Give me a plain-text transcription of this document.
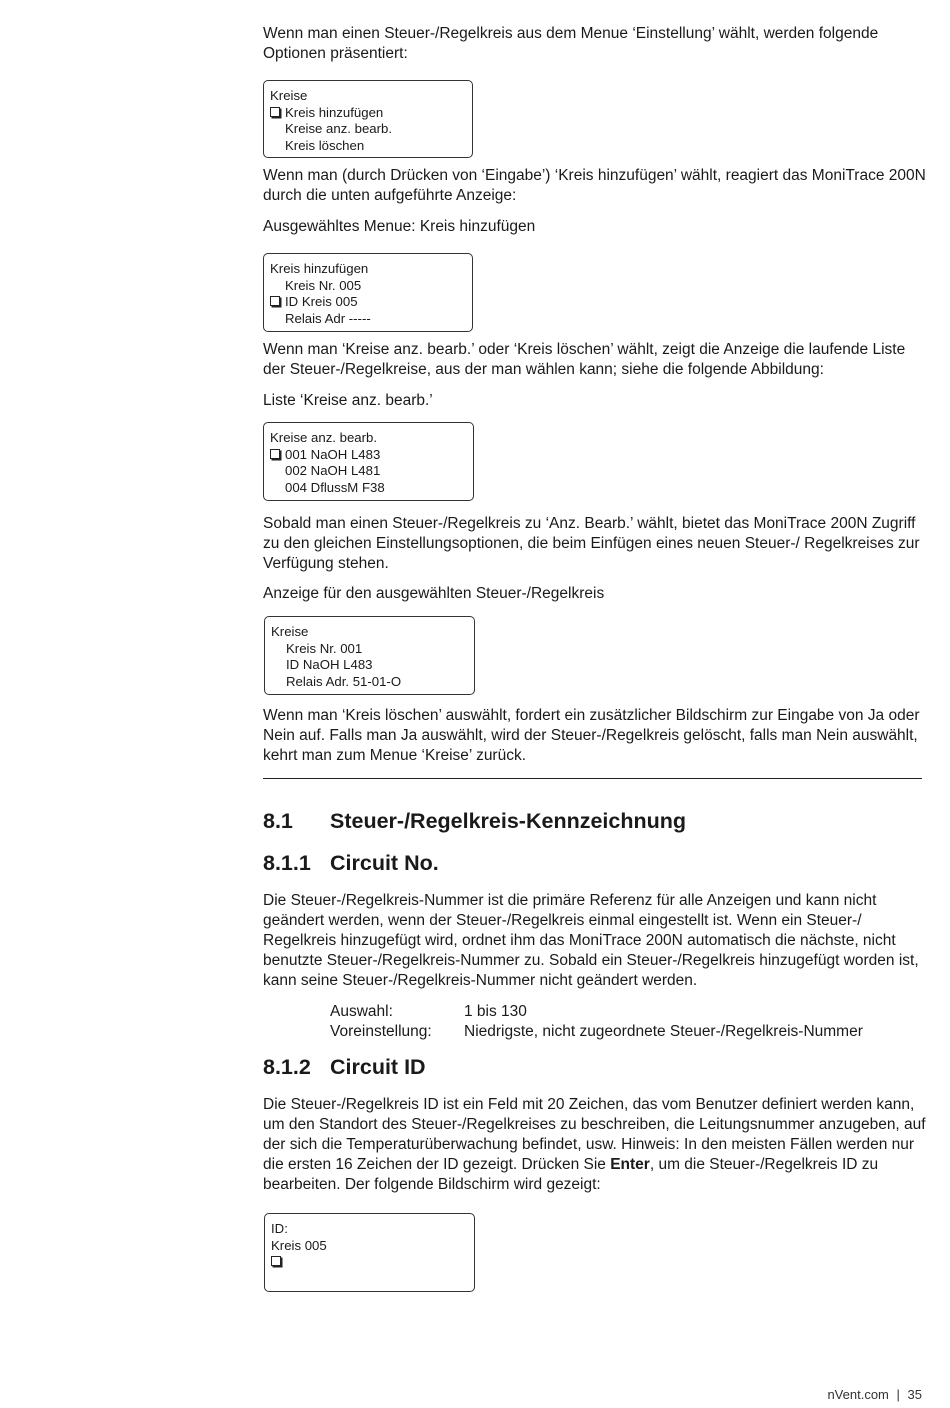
Wenn man einen Steuer-/Regelkreis aus dem Menue ‘Einstellung’ wählt, werden folgende Optionen präsentiert:

Kreise
Kreis hinzufügen
Kreise anz. bearb.
Kreis löschen

Wenn man (durch Drücken von ‘Eingabe’) ‘Kreis hinzufügen’ wählt, reagiert das MoniTrace 200N durch die unten aufgeführte Anzeige:

Ausgewähltes Menue: Kreis hinzufügen

Kreis hinzufügen
Kreis Nr. 005
ID Kreis 005
Relais Adr -----

Wenn man ‘Kreise anz. bearb.’ oder ‘Kreis löschen’ wählt, zeigt die Anzeige die laufende Liste der Steuer-/Regelkreise, aus der man wählen kann; siehe die folgende Abbildung:

Liste ‘Kreise anz. bearb.’

Kreise anz. bearb.
001 NaOH L483
002 NaOH L481
004 DflussM F38

Sobald man einen Steuer-/Regelkreis zu ‘Anz. Bearb.’ wählt, bietet das MoniTrace 200N Zugriff zu den gleichen Einstellungsoptionen, die beim Einfügen eines neuen Steuer-/ Regelkreises zur Verfügung stehen.

Anzeige für den ausgewählten Steuer-/Regelkreis

Kreise
Kreis Nr. 001
ID NaOH L483
Relais Adr. 51-01-O

Wenn man ‘Kreis löschen’ auswählt, fordert ein zusätzlicher Bildschirm zur Eingabe von Ja oder Nein auf. Falls man Ja auswählt, wird der Steuer-/Regelkreis gelöscht, falls man Nein auswählt, kehrt man zum Menue ‘Kreise’ zurück.

8.1 Steuer-/Regelkreis-Kennzeichnung
8.1.1 Circuit No.

Die Steuer-/Regelkreis-Nummer ist die primäre Referenz für alle Anzeigen und kann nicht geändert werden, wenn der Steuer-/Regelkreis einmal eingestellt ist. Wenn ein Steuer-/ Regelkreis hinzugefügt wird, ordnet ihm das MoniTrace 200N automatisch die nächste, nicht benutzte Steuer-/Regelkreis-Nummer zu. Sobald ein Steuer-/Regelkreis hinzugefügt worden ist, kann seine Steuer-/Regelkreis-Nummer nicht geändert werden.

Auswahl:	1 bis 130
Voreinstellung:	Niedrigste, nicht zugeordnete Steuer-/Regelkreis-Nummer
8.1.2 Circuit ID

Die Steuer-/Regelkreis ID ist ein Feld mit 20 Zeichen, das vom Benutzer definiert werden kann, um den Standort des Steuer-/Regelkreises zu beschreiben, die Leitungsnummer anzugeben, auf der sich die Temperaturüberwachung befindet, usw. Hinweis: In den meisten Fällen werden nur die ersten 16 Zeichen der ID gezeigt. Drücken Sie Enter, um die Steuer-/Regelkreis ID zu bearbeiten. Der folgende Bildschirm wird gezeigt:

ID:
Kreis 005
nVent.com | 35
